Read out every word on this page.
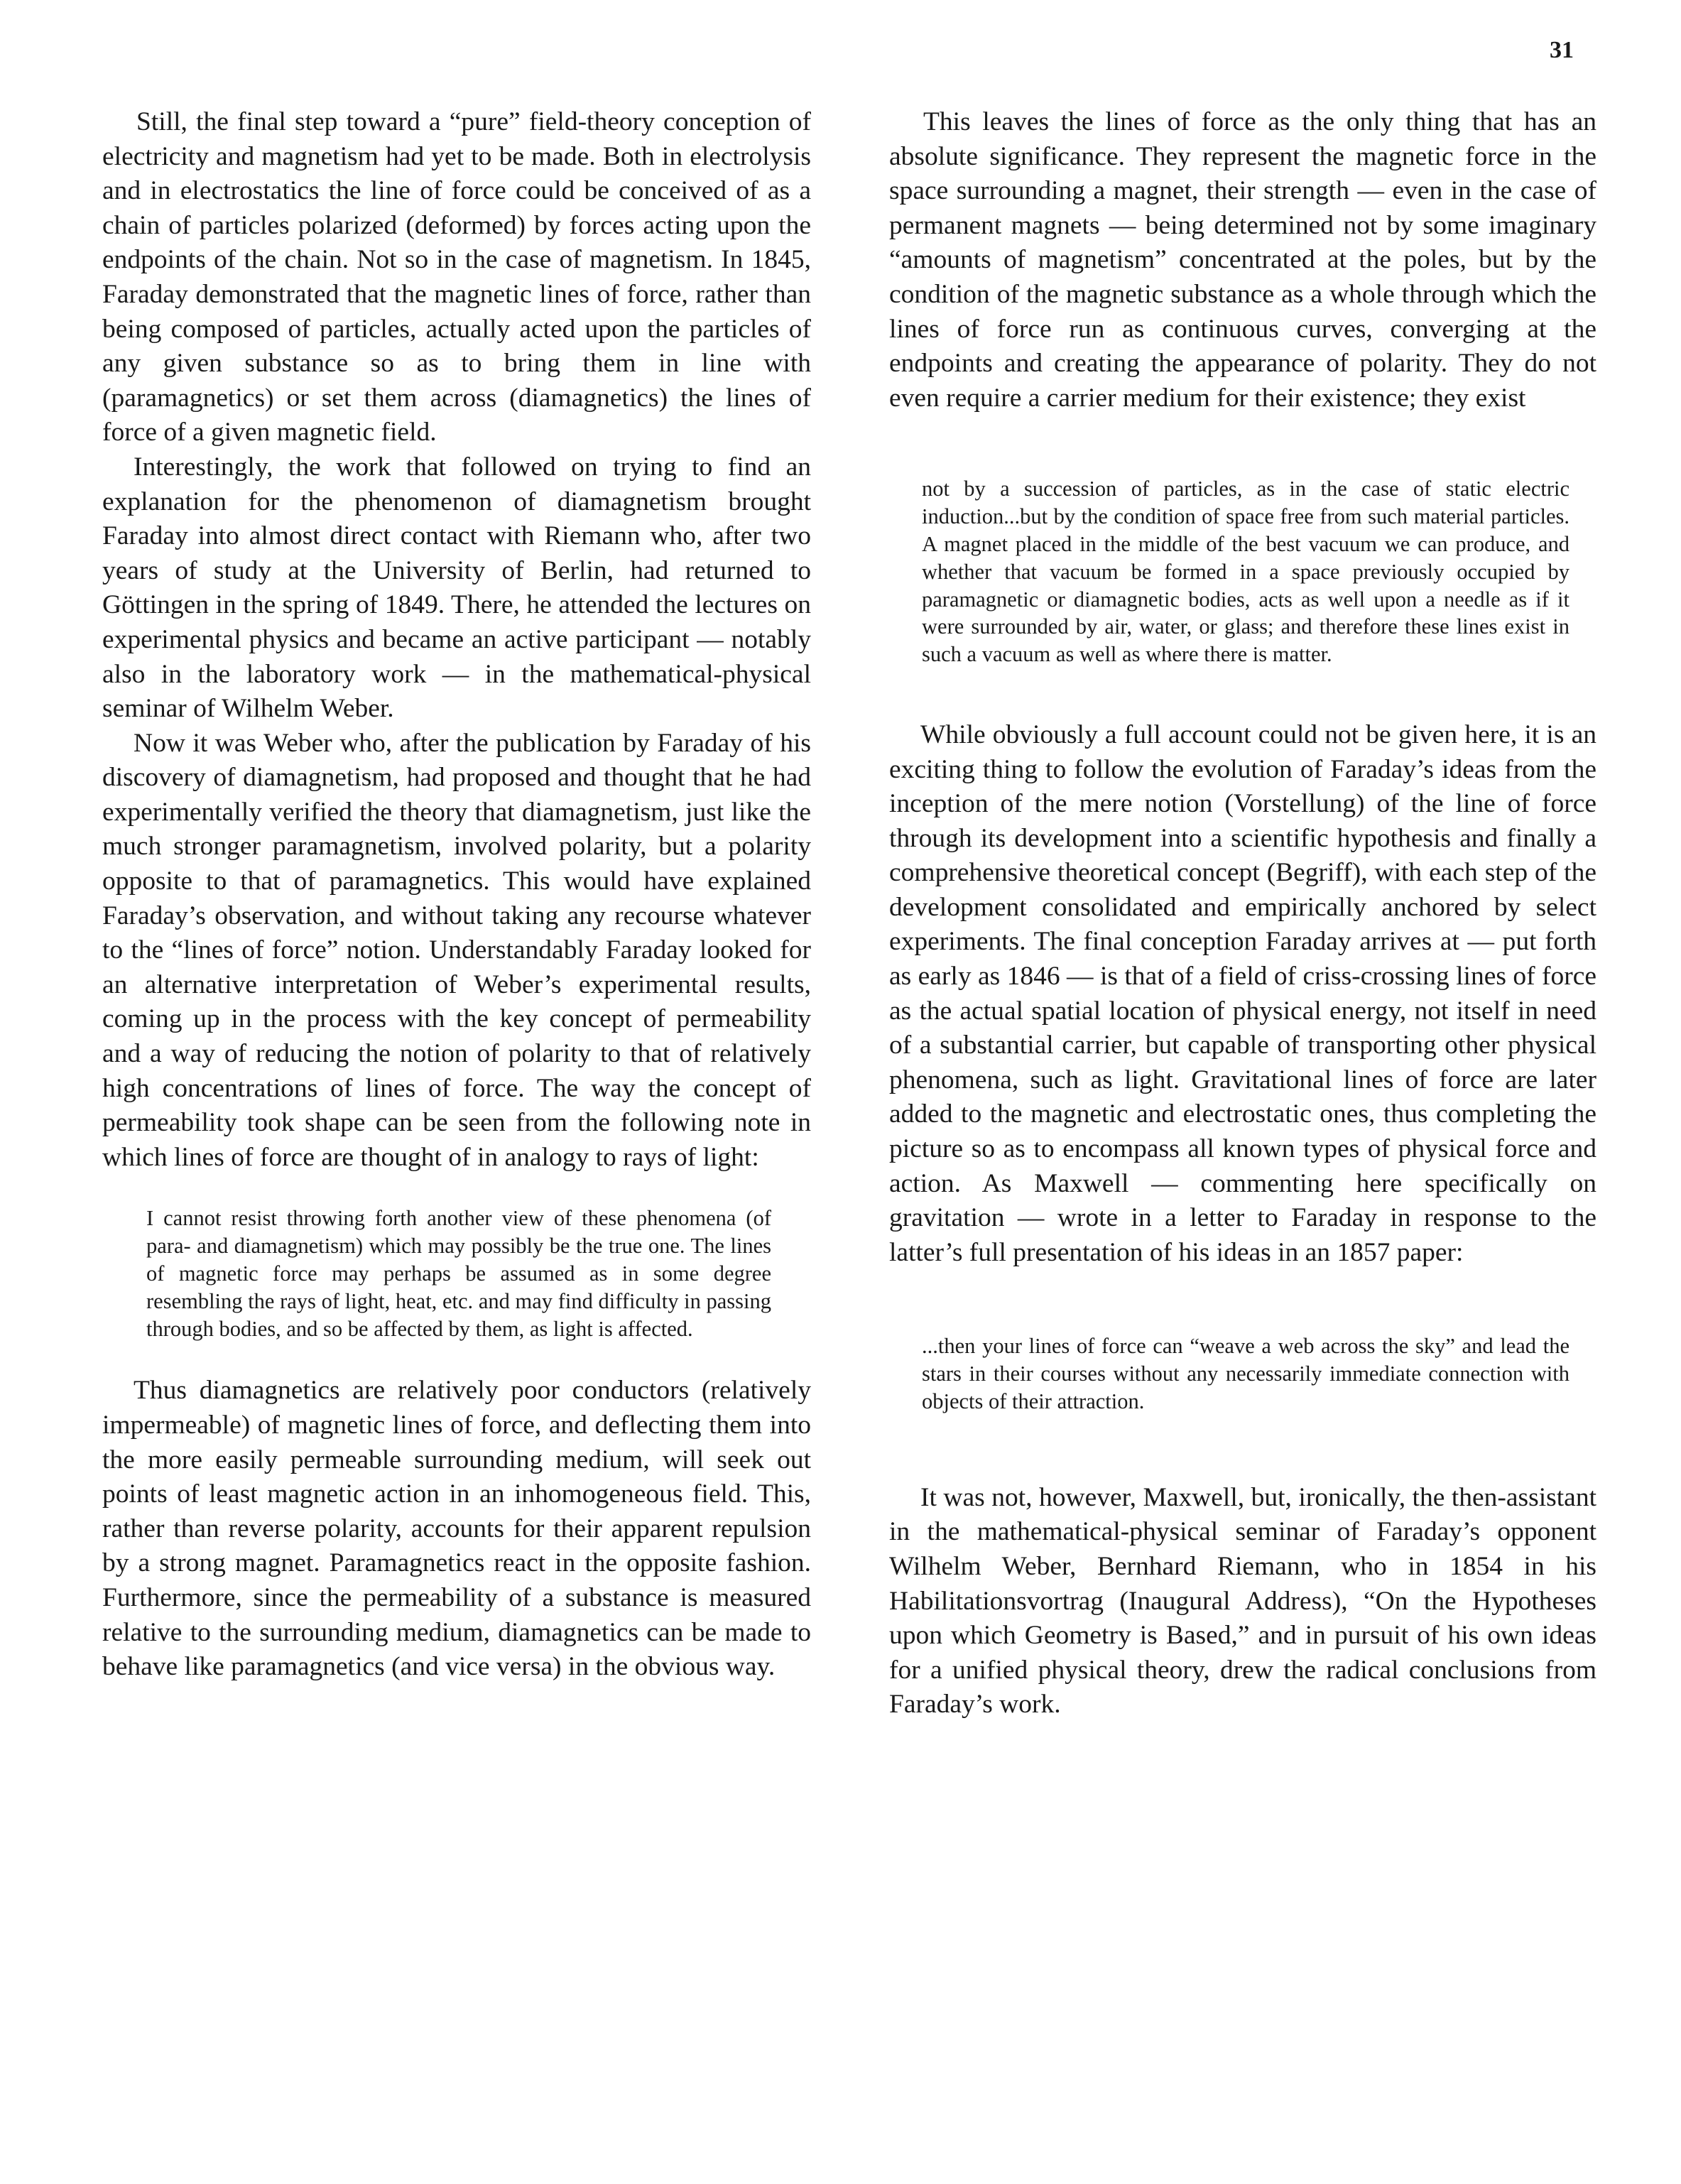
31

Still, the final step toward a “pure” field-theory conception of electricity and magnetism had yet to be made. Both in electrolysis and in electrostatics the line of force could be conceived of as a chain of particles polarized (deformed) by forces acting upon the endpoints of the chain. Not so in the case of magnetism. In 1845, Faraday demonstrated that the magnetic lines of force, rather than being composed of particles, actually acted upon the particles of any given substance so as to bring them in line with (paramagnetics) or set them across (diamagnetics) the lines of force of a given magnetic field.

Interestingly, the work that followed on trying to find an explanation for the phenomenon of diamagnetism brought Faraday into almost direct contact with Riemann who, after two years of study at the University of Berlin, had returned to Göttingen in the spring of 1849. There, he attended the lectures on experimental physics and became an active participant — notably also in the laboratory work — in the mathematical-physical seminar of Wilhelm Weber.

Now it was Weber who, after the publication by Faraday of his discovery of diamagnetism, had proposed and thought that he had experimentally verified the theory that diamagnetism, just like the much stronger paramagnetism, involved polarity, but a polarity opposite to that of paramagnetics. This would have explained Faraday’s observation, and without taking any recourse whatever to the “lines of force” notion. Understandably Faraday looked for an alternative interpretation of Weber’s experimental results, coming up in the process with the key concept of permeability and a way of reducing the notion of polarity to that of relatively high concentrations of lines of force. The way the concept of permeability took shape can be seen from the following note in which lines of force are thought of in analogy to rays of light:

I cannot resist throwing forth another view of these phenomena (of para- and diamagnetism) which may possibly be the true one. The lines of magnetic force may perhaps be assumed as in some degree resembling the rays of light, heat, etc. and may find difficulty in passing through bodies, and so be affected by them, as light is affected.

Thus diamagnetics are relatively poor conductors (relatively impermeable) of magnetic lines of force, and deflecting them into the more easily permeable surrounding medium, will seek out points of least magnetic action in an inhomogeneous field. This, rather than reverse polarity, accounts for their apparent repulsion by a strong magnet. Paramagnetics react in the opposite fashion. Furthermore, since the permeability of a substance is measured relative to the surrounding medium, diamagnetics can be made to behave like paramagnetics (and vice versa) in the obvious way.

This leaves the lines of force as the only thing that has an absolute significance. They represent the magnetic force in the space surrounding a magnet, their strength — even in the case of permanent magnets — being determined not by some imaginary “amounts of magnetism” concentrated at the poles, but by the condition of the magnetic substance as a whole through which the lines of force run as continuous curves, converging at the endpoints and creating the appearance of polarity. They do not even require a carrier medium for their existence; they exist

not by a succession of particles, as in the case of static electric induction...but by the condition of space free from such material particles. A magnet placed in the middle of the best vacuum we can produce, and whether that vacuum be formed in a space previously occupied by paramagnetic or diamagnetic bodies, acts as well upon a needle as if it were surrounded by air, water, or glass; and therefore these lines exist in such a vacuum as well as where there is matter.

While obviously a full account could not be given here, it is an exciting thing to follow the evolution of Faraday’s ideas from the inception of the mere notion (Vorstellung) of the line of force through its development into a scientific hypothesis and finally a comprehensive theoretical concept (Begriff), with each step of the development consolidated and empirically anchored by select experiments. The final conception Faraday arrives at — put forth as early as 1846 — is that of a field of criss-crossing lines of force as the actual spatial location of physical energy, not itself in need of a substantial carrier, but capable of transporting other physical phenomena, such as light. Gravitational lines of force are later added to the magnetic and electrostatic ones, thus completing the picture so as to encompass all known types of physical force and action. As Maxwell — commenting here specifically on gravitation — wrote in a letter to Faraday in response to the latter’s full presentation of his ideas in an 1857 paper:

...then your lines of force can “weave a web across the sky” and lead the stars in their courses without any necessarily immediate connection with objects of their attraction.

It was not, however, Maxwell, but, ironically, the then-assistant in the mathematical-physical seminar of Faraday’s opponent Wilhelm Weber, Bernhard Riemann, who in 1854 in his Habilitationsvortrag (Inaugural Address), “On the Hypotheses upon which Geometry is Based,” and in pursuit of his own ideas for a unified physical theory, drew the radical conclusions from Faraday’s work.
